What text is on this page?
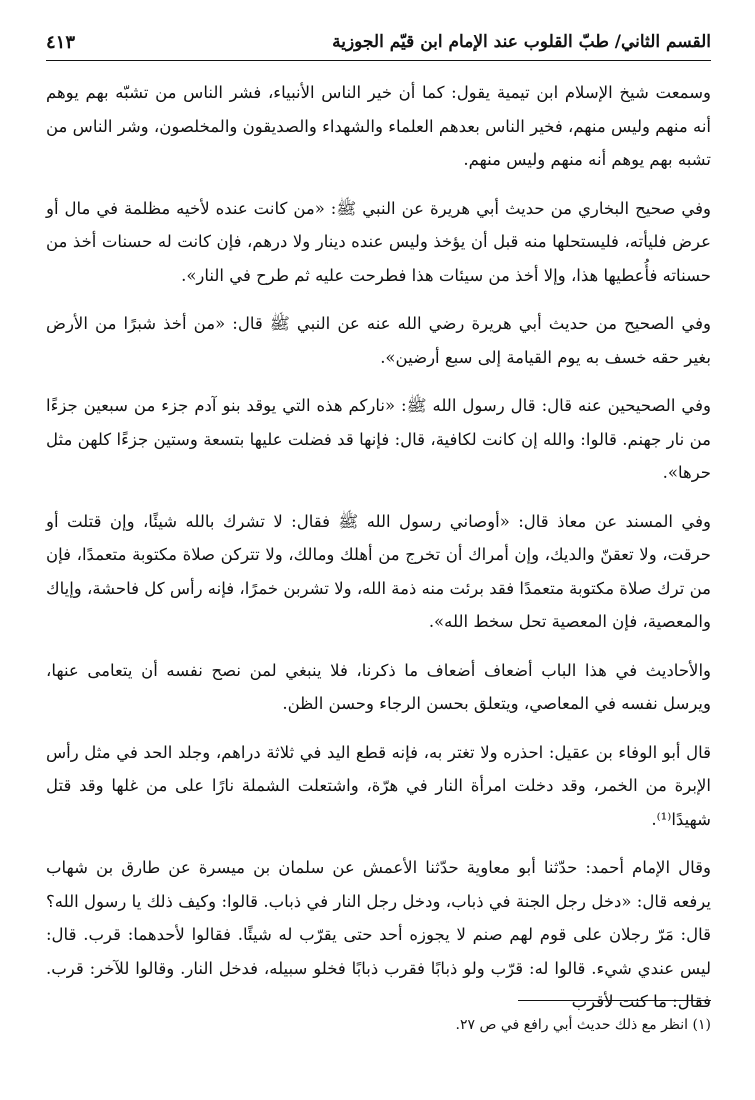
القسم الثاني/ طبّ القلوب عند الإمام ابن قيّم الجوزية
٤١٣

وسمعت شيخ الإسلام ابن تيمية يقول: كما أن خير الناس الأنبياء، فشر الناس من تشبّه بهم يوهم أنه منهم وليس منهم، فخير الناس بعدهم العلماء والشهداء والصديقون والمخلصون، وشر الناس من تشبه بهم يوهم أنه منهم وليس منهم.

وفي صحيح البخاري من حديث أبي هريرة عن النبي ﷺ: «من كانت عنده لأخيه مظلمة في مال أو عرض فليأته، فليستحلها منه قبل أن يؤخذ وليس عنده دينار ولا درهم، فإن كانت له حسنات أخذ من حسناته فأُعطيها هذا، وإلا أخذ من سيئات هذا فطرحت عليه ثم طرح في النار».

وفي الصحيح من حديث أبي هريرة رضي الله عنه عن النبي ﷺ قال: «من أخذ شبرًا من الأرض بغير حقه خسف به يوم القيامة إلى سبع أرضين».

وفي الصحيحين عنه قال: قال رسول الله ﷺ: «ناركم هذه التي يوقد بنو آدم جزء من سبعين جزءًا من نار جهنم. قالوا: والله إن كانت لكافية، قال: فإنها قد فضلت عليها بتسعة وستين جزءًا كلهن مثل حرها».

وفي المسند عن معاذ قال: «أوصاني رسول الله ﷺ فقال: لا تشرك بالله شيئًا، وإن قتلت أو حرقت، ولا تعقنّ والديك، وإن أمراك أن تخرج من أهلك ومالك، ولا تتركن صلاة مكتوبة متعمدًا، فإن من ترك صلاة مكتوبة متعمدًا فقد برئت منه ذمة الله، ولا تشربن خمرًا، فإنه رأس كل فاحشة، وإياك والمعصية، فإن المعصية تحل سخط الله».

والأحاديث في هذا الباب أضعاف أضعاف ما ذكرنا، فلا ينبغي لمن نصح نفسه أن يتعامى عنها، ويرسل نفسه في المعاصي، ويتعلق بحسن الرجاء وحسن الظن.

قال أبو الوفاء بن عقيل: احذره ولا تغتر به، فإنه قطع اليد في ثلاثة دراهم، وجلد الحد في مثل رأس الإبرة من الخمر، وقد دخلت امرأة النار في هرّة، واشتعلت الشملة نارًا على من غلها وقد قتل شهيدًا⁽¹⁾.

وقال الإمام أحمد: حدّثنا أبو معاوية حدّثنا الأعمش عن سلمان بن ميسرة عن طارق بن شهاب يرفعه قال: «دخل رجل الجنة في ذباب، ودخل رجل النار في ذباب. قالوا: وكيف ذلك يا رسول الله؟ قال: مَرّ رجلان على قوم لهم صنم لا يجوزه أحد حتى يقرّب له شيئًا. فقالوا لأحدهما: قرب. قال: ليس عندي شيء. قالوا له: قرّب ولو ذبابًا فقرب ذبابًا فخلو سبيله، فدخل النار. وقالوا للآخر: قرب. فقال: ما كنت لأقرب

(١) انظر مع ذلك حديث أبي رافع في ص ٢٧.
